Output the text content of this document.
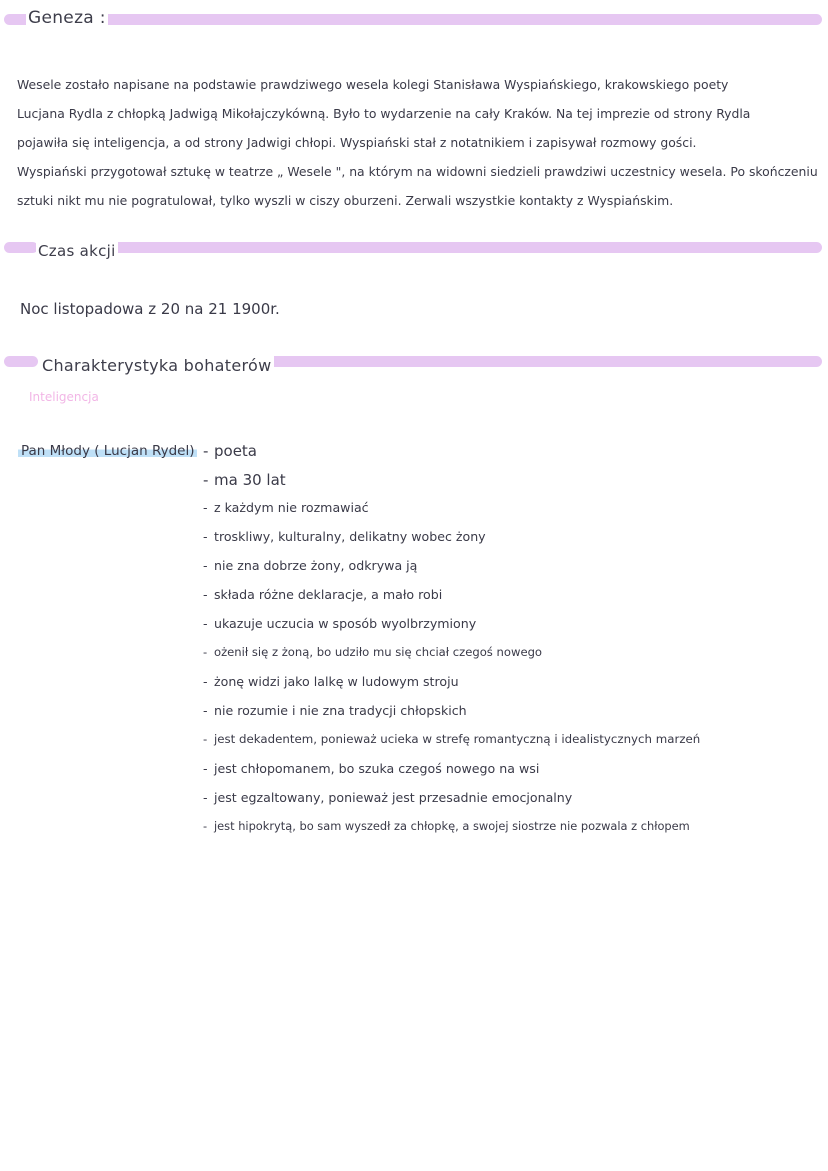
Geneza :

Wesele zostało napisane na podstawie prawdziwego wesela kolegi Stanisława Wyspiańskiego, krakowskiego poety

Lucjana Rydla z chłopką Jadwigą Mikołajczykówną. Było to wydarzenie na cały Kraków. Na tej imprezie od strony Rydla

pojawiła się inteligencja, a od strony Jadwigi chłopi. Wyspiański stał z notatnikiem i zapisywał rozmowy gości.

Wyspiański przygotował sztukę w teatrze „ Wesele ", na którym na widowni siedzieli prawdziwi uczestnicy wesela. Po skończeniu

sztuki nikt mu nie pogratulował, tylko wyszli w ciszy oburzeni. Zerwali wszystkie kontakty z Wyspiańskim.

Czas akcji
Noc listopadowa z 20 na 21 1900r.
Charakterystyka bohaterów
Inteligencja
Pan Młody ( Lucjan Rydel) - poeta
- ma 30 lat
- z każdym nie rozmawiać
- troskliwy, kulturalny, delikatny wobec żony
- nie zna dobrze żony, odkrywa ją
- składa różne deklaracje, a mało robi
- ukazuje uczucia w sposób wyolbrzymiony
- ożenił się z żoną, bo udziło mu się chciał czegoś nowego
- żonę widzi jako lalkę w ludowym stroju
- nie rozumie i nie zna tradycji chłopskich
- jest dekadentem, ponieważ ucieka w strefę romantyczną i idealistycznych marzeń
- jest chłopomanem, bo szuka czegoś nowego na wsi
- jest egzaltowany, ponieważ jest przesadnie emocjonalny
- jest hipokrytą, bo sam wyszedł za chłopkę, a swojej siostrze nie pozwala z chłopem
